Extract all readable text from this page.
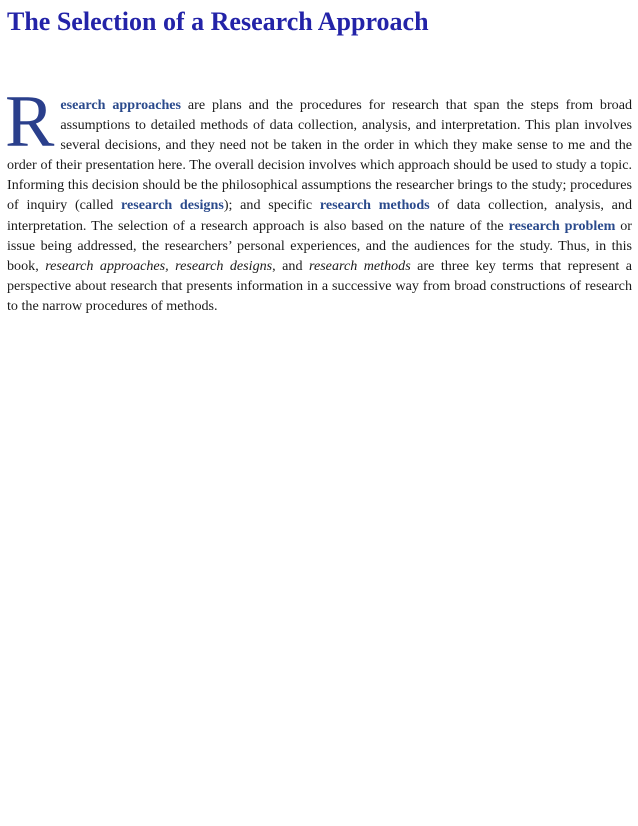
The Selection of a Research Approach

Research approaches are plans and the procedures for research that span the steps from broad assumptions to detailed methods of data collection, analysis, and interpretation. This plan involves several decisions, and they need not be taken in the order in which they make sense to me and the order of their presentation here. The overall decision involves which approach should be used to study a topic. Informing this decision should be the philosophical assumptions the researcher brings to the study; procedures of inquiry (called research designs); and specific research methods of data collection, analysis, and interpretation. The selection of a research approach is also based on the nature of the research problem or issue being addressed, the researchers’ personal experiences, and the audiences for the study. Thus, in this book, research approaches, research designs, and research methods are three key terms that represent a perspective about research that presents information in a successive way from broad constructions of research to the narrow procedures of methods.
